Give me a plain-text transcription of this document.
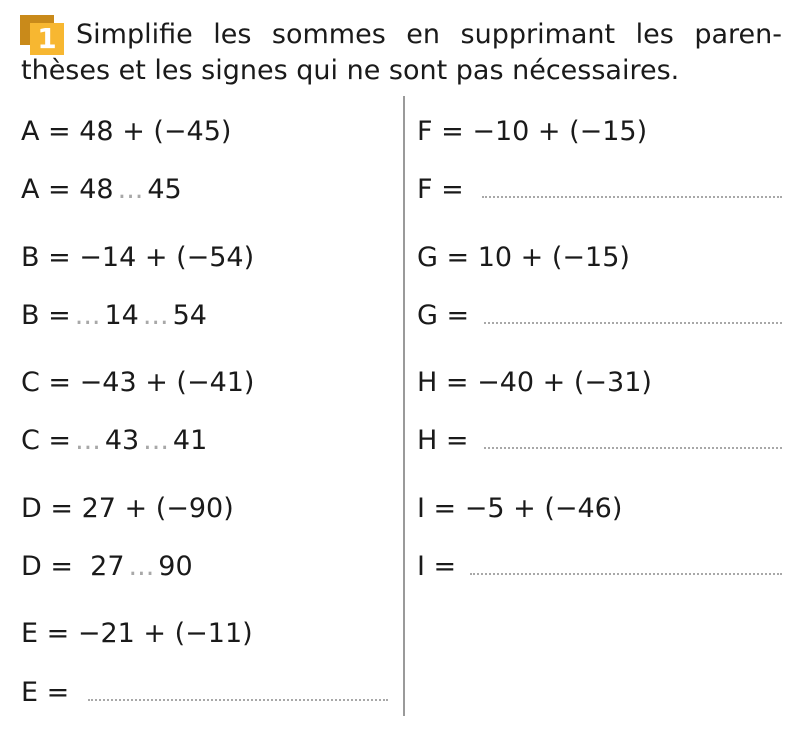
1 Simplifie les sommes en supprimant les paren-
thèses et les signes qui ne sont pas nécessaires.
A = 48 + (−45)
A = 48 ... 45
B = −14 + (−54)
B = ... 14 ... 54
C = −43 + (−41)
C = ... 43 ... 41
D = 27 + (−90)
D =  27 ... 90
E = −21 + (−11)
E =
F = −10 + (−15)
F =
G = 10 + (−15)
G =
H = −40 + (−31)
H =
I = −5 + (−46)
I =
